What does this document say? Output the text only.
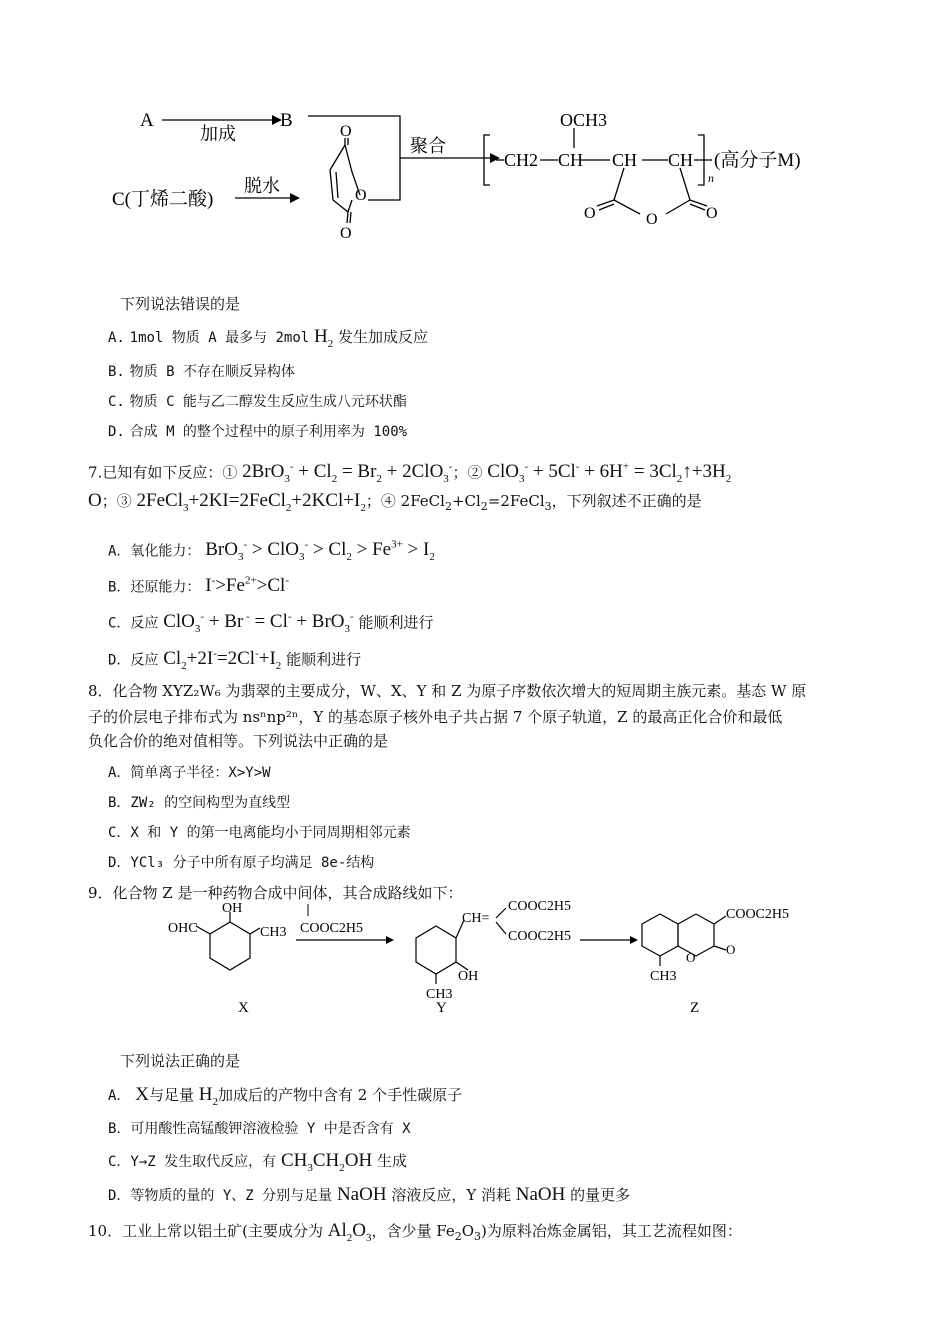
A
加成
B
C(丁烯二酸)
脱水
O
O
O
聚合
CH2 CH CH CH
OCH3
O	O	O
n
(高分子M)
下列说法错误的是
A. 1mol 物质 A 最多与 2mol $H_2$ 发生加成反应
B. 物质 B 不存在顺反异构体
C. 物质 C 能与乙二醇发生反应生成八元环状酯
D. 合成 M 的整个过程中的原子利用率为 100%
7.已知有如下反应：① $2BrO_3^- + Cl_2 = Br_2 + 2ClO_3^-$；② $ClO_3^- + 5Cl^- + 6H^+ = 3Cl_2↑+3H_2$
O；③ $2FeCl_3+2KI=2FeCl_2+2KCl+I_2$；④ $2FeCl_2+Cl_2=2FeCl_3$，下列叙述不正确的是
A．氧化能力： $BrO_3^- > ClO_3^- > Cl_2 > Fe^{3+} > I_2$
B．还原能力： $I^->Fe^{2+}>Cl^-$
C．反应 ClO$_3$- + Br - = Cl- + BrO$_3$- 能顺利进行
D．反应 $Cl_2+2I^-=2Cl^-+I_2$ 能顺利进行
8．化合物 XYZ₂W₆ 为翡翠的主要成分，W、X、Y 和 Z 为原子序数依次增大的短周期主族元素。基态 W 原
子的价层电子排布式为 nsⁿnp²ⁿ，Y 的基态原子核外电子共占据 7 个原子轨道，Z 的最高正化合价和最低
负化合价的绝对值相等。下列说法中正确的是
A．简单离子半径：X>Y>W
B．ZW₂ 的空间构型为直线型
C．X 和 Y 的第一电离能均小于同周期相邻元素
D．YCl₃ 分子中所有原子均满足 8e-结构
9．化合物 Z 是一种药物合成中间体，其合成路线如下：
OHC
OH
CH3
X
COOC2H5
CH=
COOC2H5
COOC2H5
OH
CH3
Y
O
O
COOC2H5
CH3
Z
下列说法正确的是
A． X与足量 $H_2$加成后的产物中含有 2 个手性碳原子
B．可用酸性高锰酸钾溶液检验 Y 中是否含有 X
C．Y→Z 发生取代反应，有 $CH_3CH_2OH$ 生成
D．等物质的量的 Y、Z 分别与足量 NaOH 溶液反应，Y 消耗 NaOH 的量更多
10．工业上常以铝土矿(主要成分为 $Al_2O_3$，含少量 $Fe_2O_3$)为原料冶炼金属铝，其工艺流程如图：
